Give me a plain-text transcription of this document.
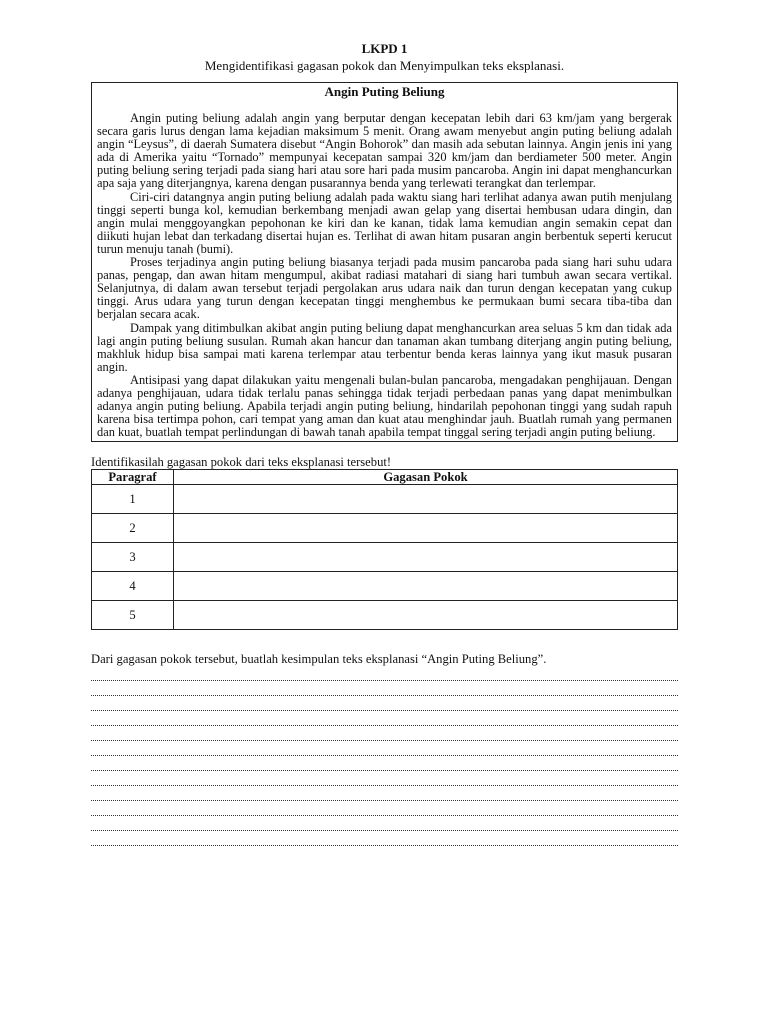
LKPD 1
Mengidentifikasi gagasan pokok dan Menyimpulkan teks eksplanasi.
Angin Puting Beliung

Angin puting beliung adalah angin yang berputar dengan kecepatan lebih dari 63 km/jam yang bergerak secara garis lurus dengan lama kejadian maksimum 5 menit. Orang awam menyebut angin puting beliung adalah angin “Leysus”, di daerah Sumatera disebut “Angin Bohorok” dan masih ada sebutan lainnya. Angin jenis ini yang ada di Amerika yaitu “Tornado” mempunyai kecepatan sampai 320 km/jam dan berdiameter 500 meter. Angin puting beliung sering terjadi pada siang hari atau sore hari pada musim pancaroba. Angin ini dapat menghancurkan apa saja yang diterjangnya, karena dengan pusarannya benda yang terlewati terangkat dan terlempar.

Ciri-ciri datangnya angin puting beliung adalah pada waktu siang hari terlihat adanya awan putih menjulang tinggi seperti bunga kol, kemudian berkembang menjadi awan gelap yang disertai hembusan udara dingin, dan angin mulai menggoyangkan pepohonan ke kiri dan ke kanan, tidak lama kemudian angin semakin cepat dan diikuti hujan lebat dan terkadang disertai hujan es. Terlihat di awan hitam pusaran angin berbentuk seperti kerucut turun menuju tanah (bumi).

Proses terjadinya angin puting beliung biasanya terjadi pada musim pancaroba pada siang hari suhu udara panas, pengap, dan awan hitam mengumpul, akibat radiasi matahari di siang hari tumbuh awan secara vertikal. Selanjutnya, di dalam awan tersebut terjadi pergolakan arus udara naik dan turun dengan kecepatan yang cukup tinggi. Arus udara yang turun dengan kecepatan tinggi menghembus ke permukaan bumi secara tiba-tiba dan berjalan secara acak.

Dampak yang ditimbulkan akibat angin puting beliung dapat menghancurkan area seluas 5 km dan tidak ada lagi angin puting beliung susulan. Rumah akan hancur dan tanaman akan tumbang diterjang angin puting beliung, makhluk hidup bisa sampai mati karena terlempar atau terbentur benda keras lainnya yang ikut masuk pusaran angin.

Antisipasi yang dapat dilakukan yaitu mengenali bulan-bulan pancaroba, mengadakan penghijauan. Dengan adanya penghijauan, udara tidak terlalu panas sehingga tidak terjadi perbedaan panas yang dapat menimbulkan adanya angin puting beliung. Apabila terjadi angin puting beliung, hindarilah pepohonan tinggi yang sudah rapuh karena bisa tertimpa pohon, cari tempat yang aman dan kuat atau menghindar jauh. Buatlah rumah yang permanen dan kuat, buatlah tempat perlindungan di bawah tanah apabila tempat tinggal sering terjadi angin puting beliung.

Identifikasilah gagasan pokok dari teks eksplanasi tersebut!
Paragraf	Gagasan Pokok
1	
2	
3	
4	
5	
Dari gagasan pokok tersebut, buatlah kesimpulan teks eksplanasi “Angin Puting Beliung”.
